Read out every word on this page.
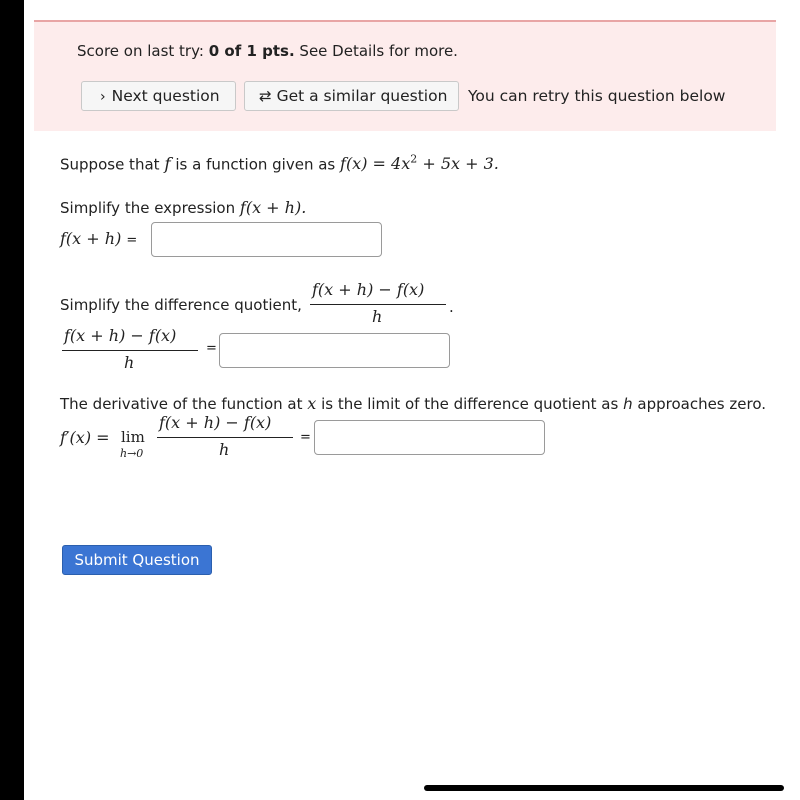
Score on last try: 0 of 1 pts. See Details for more.
› Next question	⇄ Get a similar question	You can retry this question below
Suppose that f is a function given as $f(x) = 4x^2 + 5x + 3$.
Simplify the expression f(x + h).
f(x + h) =
Simplify the difference quotient,
f(x + h) − f(x)
h	.
f(x + h) − f(x)
h
=
The derivative of the function at x is the limit of the difference quotient as h approaches zero.
f′(x) = lim
h→0
f(x + h) − f(x)
h
=
Submit Question
